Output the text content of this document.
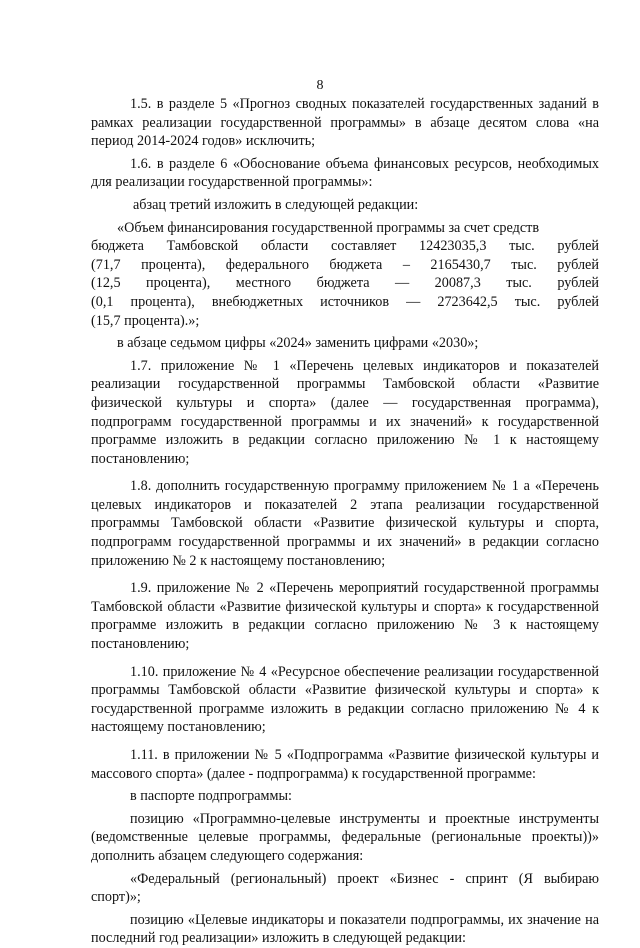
8

1.5. в разделе 5 «Прогноз сводных показателей государственных заданий в рамках реализации государственной программы» в абзаце десятом слова «на период 2014-2024 годов» исключить;

1.6. в разделе 6 «Обоснование объема финансовых ресурсов, необходимых для реализации государственной программы»:

абзац третий изложить в следующей редакции:

«Объем финансирования государственной программы за счет средств

бюджета Тамбовской области составляет 12423035,3 тыс. рублей
(71,7 процента), федерального бюджета – 2165430,7 тыс. рублей
(12,5 процента), местного бюджета — 20087,3 тыс. рублей
(0,1 процента), внебюджетных источников — 2723642,5 тыс. рублей

(15,7 процента).»;

в абзаце седьмом цифры «2024» заменить цифрами «2030»;

1.7. приложение № 1 «Перечень целевых индикаторов и показателей реализации государственной программы Тамбовской области «Развитие физической культуры и спорта» (далее — государственная программа), подпрограмм государственной программы и их значений» к государственной программе изложить в редакции согласно приложению № 1 к настоящему постановлению;

1.8. дополнить государственную программу приложением № 1 а «Перечень целевых индикаторов и показателей 2 этапа реализации государственной программы Тамбовской области «Развитие физической культуры и спорта, подпрограмм государственной программы и их значений» в редакции согласно приложению № 2 к настоящему постановлению;

1.9. приложение № 2 «Перечень мероприятий государственной программы Тамбовской области «Развитие физической культуры и спорта» к государственной программе изложить в редакции согласно приложению № 3 к настоящему постановлению;

1.10. приложение № 4 «Ресурсное обеспечение реализации государственной программы Тамбовской области «Развитие физической культуры и спорта» к государственной программе изложить в редакции согласно приложению № 4 к настоящему постановлению;

1.11. в приложении № 5 «Подпрограмма «Развитие физической культуры и массового спорта» (далее - подпрограмма) к государственной программе:

в паспорте подпрограммы:

позицию «Программно-целевые инструменты и проектные инструменты (ведомственные целевые программы, федеральные (региональные проекты))» дополнить абзацем следующего содержания:

«Федеральный (региональный) проект «Бизнес - спринт (Я выбираю спорт)»;

позицию «Целевые индикаторы и показатели подпрограммы, их значение на последний год реализации» изложить в следующей редакции:
